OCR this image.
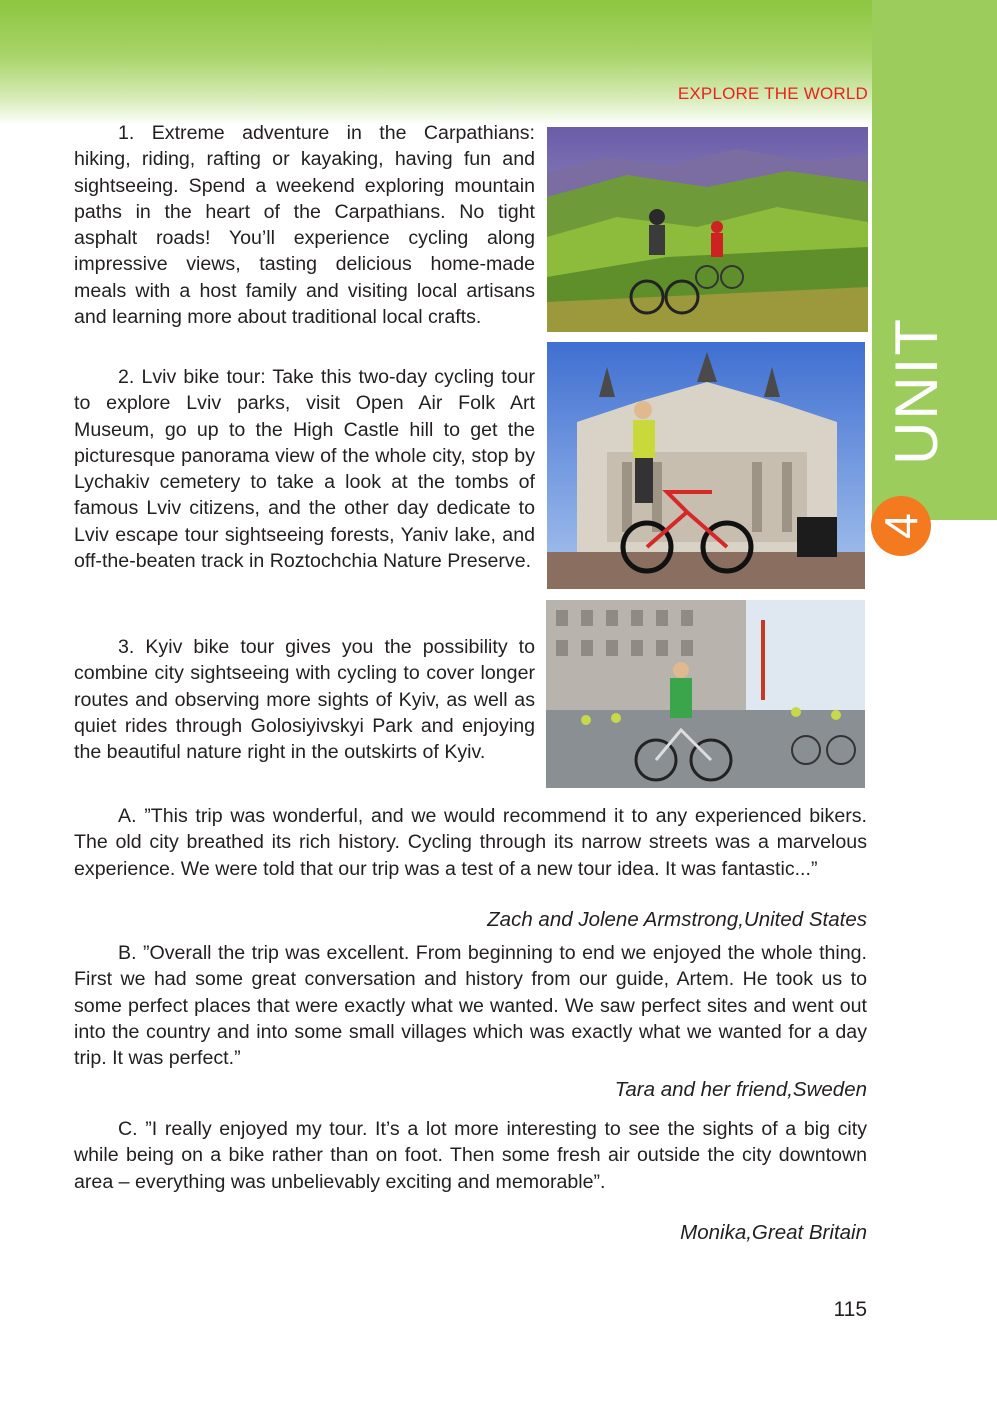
UNIT
4
EXPLORE THE WORLD

1. Extreme adventure in the Carpathians: hiking, riding, rafting or kayaking, having fun and sightseeing. Spend a weekend exploring mountain paths in the heart of the Carpathians. No tight asphalt roads! You’ll experience cycling along impressive views, tasting delicious home-made meals with a host family and visiting local artisans and learning more about traditional local crafts.

2. Lviv bike tour: Take this two-day cycling tour to explore Lviv parks, visit Open Air Folk Art Museum, go up to the High Castle hill to get the picturesque panorama view of the whole city, stop by Lychakiv cemetery to take a look at the tombs of famous Lviv citizens, and the other day dedicate to Lviv escape tour sightseeing forests, Yaniv lake, and off-the-beaten track in Roztochchia Nature Preserve.

3. Kyiv bike tour gives you the possibility to combine city sightseeing with cycling to cover longer routes and observing more sights of Kyiv, as well as quiet rides through Golosiyivskyi Park and enjoying the beautiful nature right in the outskirts of Kyiv.

A. ”This trip was wonderful, and we would recommend it to any experienced bikers. The old city breathed its rich history. Cycling through its narrow streets was a marvelous experience. We were told that our trip was a test of a new tour idea. It was fantastic...”

Zach and Jolene Armstrong,United States

B. ”Overall the trip was excellent. From beginning to end we enjoyed the whole thing. First we had some great conversation and history from our guide, Artem. He took us to some perfect places that were exactly what we wanted. We saw perfect sites and went out into the country and into some small villages which was exactly what we wanted for a day trip. It was perfect.”

Tara and her friend,Sweden

C. ”I really enjoyed my tour. It’s a lot more interesting to see the sights of a big city while being on a bike rather than on foot. Then some fresh air outside the city downtown area – everything was unbelievably exciting and memorable”.

Monika,Great Britain
115
